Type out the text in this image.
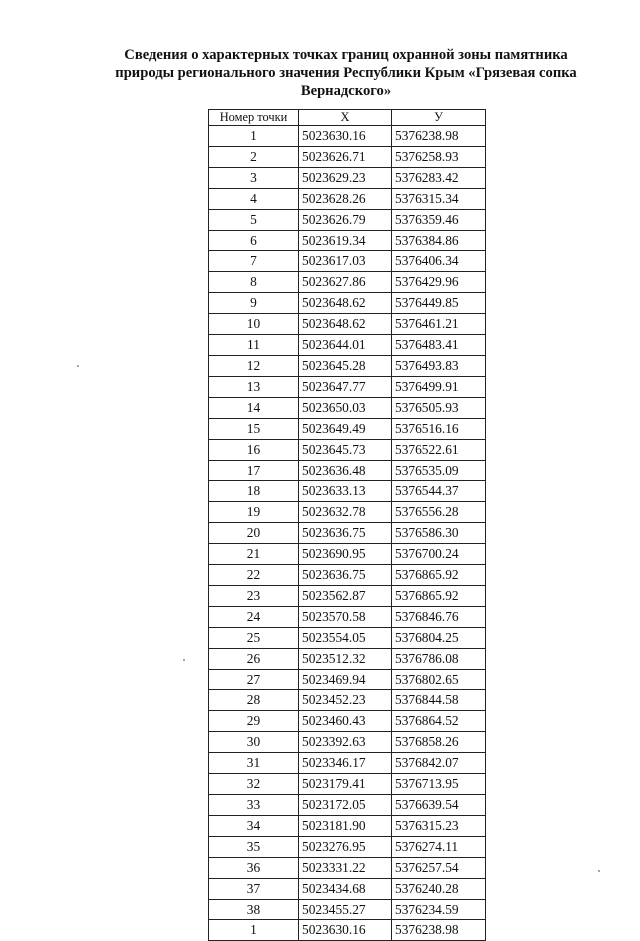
Сведения о характерных точках границ охранной зоны памятника
природы регионального значения Республики Крым «Грязевая сопка
Вернадского»
Номер точки	X	У
1	5023630.16	5376238.98
2	5023626.71	5376258.93
3	5023629.23	5376283.42
4	5023628.26	5376315.34
5	5023626.79	5376359.46
6	5023619.34	5376384.86
7	5023617.03	5376406.34
8	5023627.86	5376429.96
9	5023648.62	5376449.85
10	5023648.62	5376461.21
11	5023644.01	5376483.41
12	5023645.28	5376493.83
13	5023647.77	5376499.91
14	5023650.03	5376505.93
15	5023649.49	5376516.16
16	5023645.73	5376522.61
17	5023636.48	5376535.09
18	5023633.13	5376544.37
19	5023632.78	5376556.28
20	5023636.75	5376586.30
21	5023690.95	5376700.24
22	5023636.75	5376865.92
23	5023562.87	5376865.92
24	5023570.58	5376846.76
25	5023554.05	5376804.25
26	5023512.32	5376786.08
27	5023469.94	5376802.65
28	5023452.23	5376844.58
29	5023460.43	5376864.52
30	5023392.63	5376858.26
31	5023346.17	5376842.07
32	5023179.41	5376713.95
33	5023172.05	5376639.54
34	5023181.90	5376315.23
35	5023276.95	5376274.11
36	5023331.22	5376257.54
37	5023434.68	5376240.28
38	5023455.27	5376234.59
1	5023630.16	5376238.98
